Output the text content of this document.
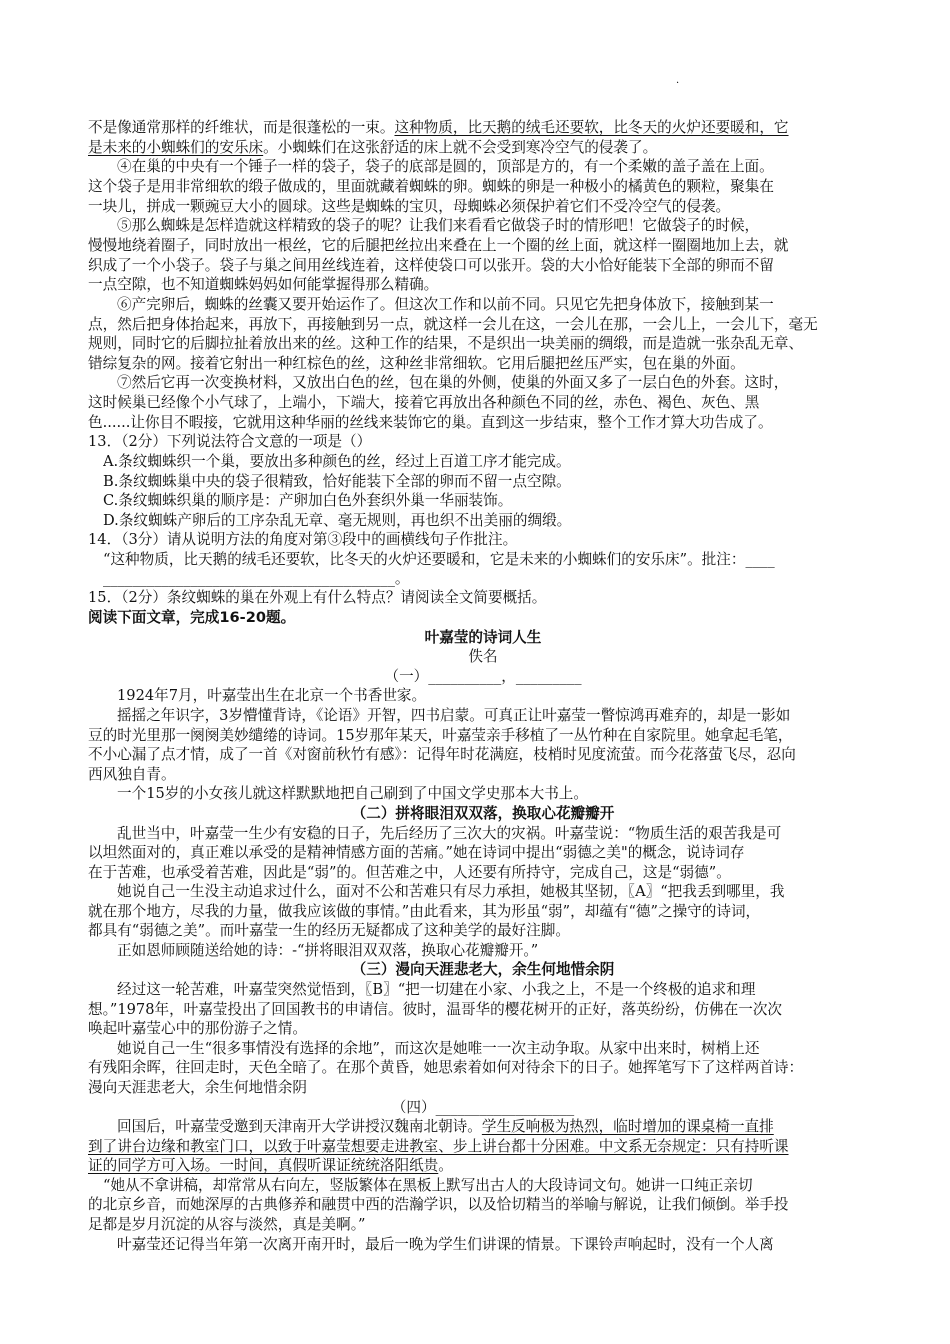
·
不是像通常那样的纤维状，而是很蓬松的一束。这种物质，比天鹅的绒毛还要软，比冬天的火炉还要暖和，它
是未来的小蜘蛛们的安乐床。小蜘蛛们在这张舒适的床上就不会受到寒冷空气的侵袭了。
④在巢的中央有一个锤子一样的袋子，袋子的底部是圆的，顶部是方的，有一个柔嫩的盖子盖在上面。
这个袋子是用非常细软的缎子做成的，里面就藏着蜘蛛的卵。蜘蛛的卵是一种极小的橘黄色的颗粒，聚集在
一块儿，拼成一颗豌豆大小的圆球。这些是蜘蛛的宝贝，母蜘蛛必须保护着它们不受冷空气的侵袭。
⑤那么蜘蛛是怎样造就这样精致的袋子的呢？让我们来看看它做袋子时的情形吧！它做袋子的时候，
慢慢地绕着圈子，同时放出一根丝，它的后腿把丝拉出来叠在上一个圈的丝上面，就这样一圈圈地加上去，就
织成了一个小袋子。袋子与巢之间用丝线连着，这样使袋口可以张开。袋的大小恰好能装下全部的卵而不留
一点空隙，也不知道蜘蛛妈妈如何能掌握得那么精确。
⑥产完卵后，蜘蛛的丝囊又要开始运作了。但这次工作和以前不同。只见它先把身体放下，接触到某一
点，然后把身体抬起来，再放下，再接触到另一点，就这样一会儿在这，一会儿在那，一会儿上，一会儿下，毫无
规则，同时它的后脚拉扯着放出来的丝。这种工作的结果，不是织出一块美丽的绸缎，而是造就一张杂乱无章、
错综复杂的网。接着它射出一种红棕色的丝，这种丝非常细软。它用后腿把丝压严实，包在巢的外面。
⑦然后它再一次变换材料，又放出白色的丝，包在巢的外侧，使巢的外面又多了一层白色的外套。这时，
这时候巢已经像个小气球了，上端小，下端大，接着它再放出各种颜色不同的丝，赤色、褐色、灰色、黑
色......让你目不暇接，它就用这种华丽的丝线来装饰它的巢。直到这一步结束，整个工作才算大功告成了。
13．（2分）下列说法符合文意的一项是（）
A.条纹蜘蛛织一个巢，要放出多种颜色的丝，经过上百道工序才能完成。
B.条纹蜘蛛巢中央的袋子很精致，恰好能装下全部的卵而不留一点空隙。
C.条纹蜘蛛织巢的顺序是：产卵加白色外套织外巢一华丽装饰。
D.条纹蜘蛛产卵后的工序杂乱无章、毫无规则，再也织不出美丽的绸缎。
14．（3分）请从说明方法的角度对第③段中的画横线句子作批注。
“这种物质，比天鹅的绒毛还要软，比冬天的火炉还要暖和，它是未来的小蜘蛛们的安乐床”。批注：____
________________________________________。
15．（2分）条纹蜘蛛的巢在外观上有什么特点？请阅读全文简要概括。
阅读下面文章，完成16-20题。
叶嘉莹的诗词人生
佚名
（一）__________，_________
1924年7月，叶嘉莹出生在北京一个书香世家。
摇摇之年识字，3岁懵懂背诗，《论语》开智，四书启蒙。可真正让叶嘉莹一瞥惊鸿再难弃的，却是一影如
豆的时光里那一阕阕美妙缱绻的诗词。15岁那年某天，叶嘉莹亲手移植了一丛竹种在自家院里。她拿起毛笔，
不小心漏了点才情，成了一首《对窗前秋竹有感》：记得年时花满庭，枝梢时见度流萤。而今花落萤飞尽，忍向
西风独自青。
一个15岁的小女孩儿就这样默默地把自己刷到了中国文学史那本大书上。
（二）拼将眼泪双双落，换取心花瓣瓣开
乱世当中，叶嘉莹一生少有安稳的日子，先后经历了三次大的灾祸。叶嘉莹说：“物质生活的艰苦我是可
以坦然面对的，真正难以承受的是精神情感方面的苦痛。”她在诗词中提出“弱德之美"的概念，说诗词存
在于苦难，也承受着苦难，因此是“弱”的。但苦难之中，人还要有所持守，完成自己，这是“弱德”。
她说自己一生没主动追求过什么，面对不公和苦难只有尽力承担，她极其坚韧，〖A〗“把我丢到哪里，我
就在那个地方，尽我的力量，做我应该做的事情。”由此看来，其为形虽“弱”，却蕴有“德”之操守的诗词，
都具有“弱德之美”。而叶嘉莹一生的经历无疑都成了这种美学的最好注脚。
正如恩师顾随送给她的诗：-“拼将眼泪双双落，换取心花瓣瓣开。”
（三）漫向天涯悲老大，余生何地惜余阴
经过这一轮苦难，叶嘉莹突然觉悟到，〖B〗“把一切建在小家、小我之上，不是一个终极的追求和理
想。”1978年，叶嘉莹投出了回国教书的申请信。彼时，温哥华的樱花树开的正好，落英纷纷，仿佛在一次次
唤起叶嘉莹心中的那份游子之情。
她说自己一生“很多事情没有选择的余地”，而这次是她唯一一次主动争取。从家中出来时，树梢上还
有残阳余晖，往回走时，天色全暗了。在那个黄昏，她思索着如何对待余下的日子。她挥笔写下了这样两首诗：
漫向天涯悲老大，余生何地惜余阴
（四）___________________
回国后，叶嘉莹受邀到天津南开大学讲授汉魏南北朝诗。学生反响极为热烈，临时增加的课桌椅一直排
到了讲台边缘和教室门口，以致于叶嘉莹想要走进教室、步上讲台都十分困难。中文系无奈规定：只有持听课
证的同学方可入场。一时间，真假听课证统统洛阳纸贵。
“她从不拿讲稿，却常常从右向左，竖版繁体在黑板上默写出古人的大段诗词文句。她讲一口纯正亲切
的北京乡音，而她深厚的古典修养和融贯中西的浩瀚学识，以及恰切精当的举喻与解说，让我们倾倒。举手投
足都是岁月沉淀的从容与淡然，真是美啊。”
叶嘉莹还记得当年第一次离开南开时，最后一晚为学生们讲课的情景。下课铃声响起时，没有一个人离
